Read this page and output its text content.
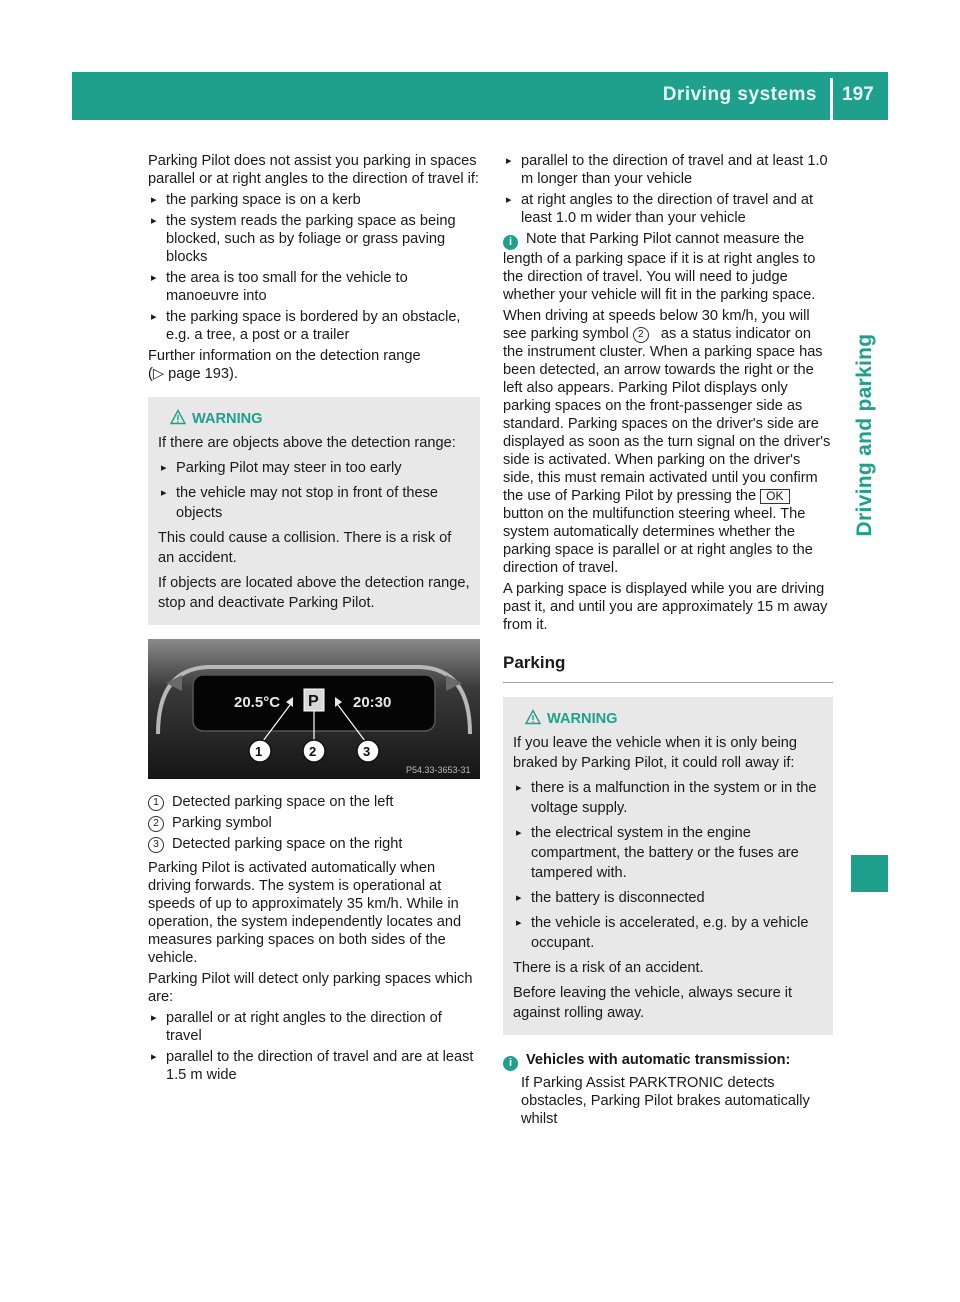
Driving systems 197
Driving and parking

Parking Pilot does not assist you parking in spaces parallel or at right angles to the direction of travel if:

▸ the parking space is on a kerb
▸ the system reads the parking space as being blocked, such as by foliage or grass paving blocks
▸ the area is too small for the vehicle to manoeuvre into
▸ the parking space is bordered by an obstacle, e.g. a tree, a post or a trailer

Further information on the detection range
(▷ page 193).

WARNING

If there are objects above the detection range:

▸ Parking Pilot may steer in too early
▸ the vehicle may not stop in front of these objects

This could cause a collision. There is a risk of an accident.

If objects are located above the detection range, stop and deactivate Parking Pilot.

20.5°C P 20:30
1	2	3
P54.33-3653-31
1 Detected parking space on the left
2 Parking symbol
3 Detected parking space on the right

Parking Pilot is activated automatically when driving forwards. The system is operational at speeds of up to approximately 35 km/h. While in operation, the system independently locates and measures parking spaces on both sides of the vehicle.

Parking Pilot will detect only parking spaces which are:

▸ parallel or at right angles to the direction of travel
▸ parallel to the direction of travel and are at least 1.5 m wide
▸ parallel to the direction of travel and at least 1.0 m longer than your vehicle
▸ at right angles to the direction of travel and at least 1.0 m wider than your vehicle

i Note that Parking Pilot cannot measure the length of a parking space if it is at right angles to the direction of travel. You will need to judge whether your vehicle will fit in the parking space.

When driving at speeds below 30 km/h, you will see parking symbol 2 as a status indicator on the instrument cluster. When a parking space has been detected, an arrow towards the right or the left also appears. Parking Pilot displays only parking spaces on the front-passenger side as standard. Parking spaces on the driver's side are displayed as soon as the turn signal on the driver's side is activated. When parking on the driver's side, this must remain activated until you confirm the use of Parking Pilot by pressing the OK button on the multifunction steering wheel. The system automatically determines whether the parking space is parallel or at right angles to the direction of travel.

A parking space is displayed while you are driving past it, and until you are approximately 15 m away from it.

Parking
WARNING

If you leave the vehicle when it is only being braked by Parking Pilot, it could roll away if:

▸ there is a malfunction in the system or in the voltage supply.
▸ the electrical system in the engine compartment, the battery or the fuses are tampered with.
▸ the battery is disconnected
▸ the vehicle is accelerated, e.g. by a vehicle occupant.

There is a risk of an accident.

Before leaving the vehicle, always secure it against rolling away.

i Vehicles with automatic transmission:

If Parking Assist PARKTRONIC detects obstacles, Parking Pilot brakes automatically whilst
